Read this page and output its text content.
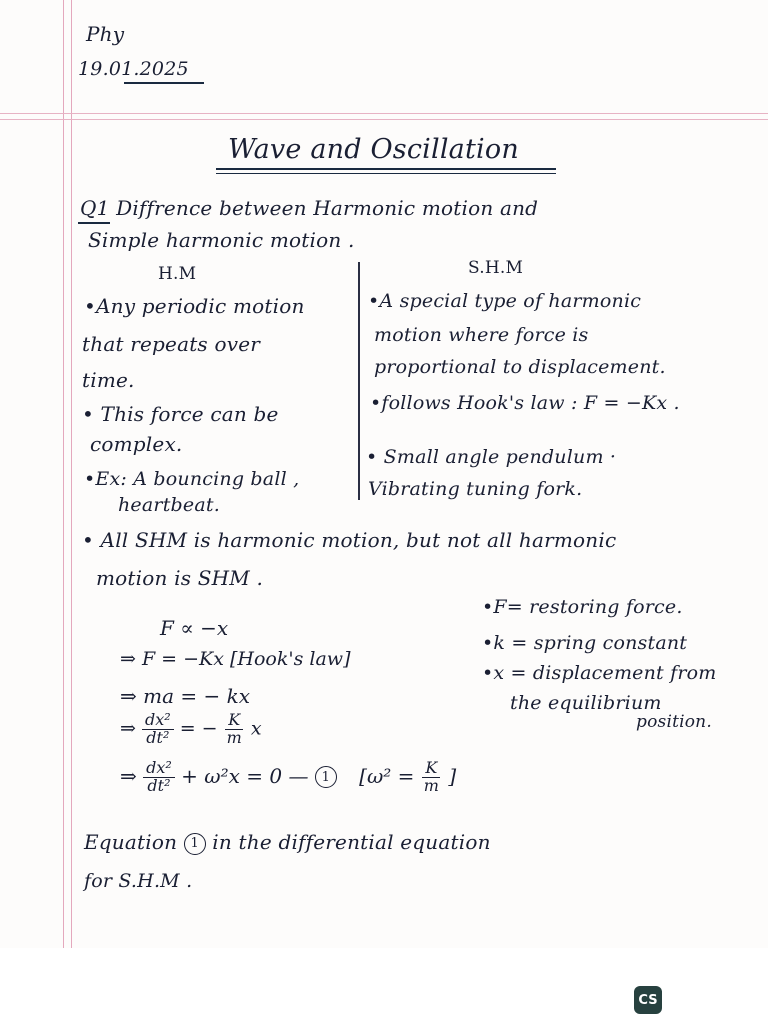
Phy
19.01.2025
Wave and Oscillation
Q1 Diffrence between Harmonic motion and
Simple harmonic motion .
H.M	S.H.M
•Any periodic motion
that repeats over
time.
• This force can be
complex.
•Ex: A bouncing ball ,
heartbeat.
•A special type of harmonic
motion where force is
proportional to displacement.
•follows Hook's law : F = −Kx .
• Small angle pendulum ·
Vibrating tuning fork.
• All SHM is harmonic motion, but not all harmonic
motion is SHM .
F ∝ −x
⇒ F = −Kx [Hook's law]
⇒ ma = − kx
⇒ $\frac{\text{dx²}}{\text{dt²}}$ = − $\frac{K}{m}$ x
⇒ $\frac{\text{dx²}}{\text{dt²}} + \omega^2x = 0$ — 1 [$\omega^2 = \frac{K}{m}$ ]
•F= restoring force.
•k = spring constant
•x = displacement from
the equilibrium
position.
Equation 1 in the differential equation
for S.H.M .
CS
